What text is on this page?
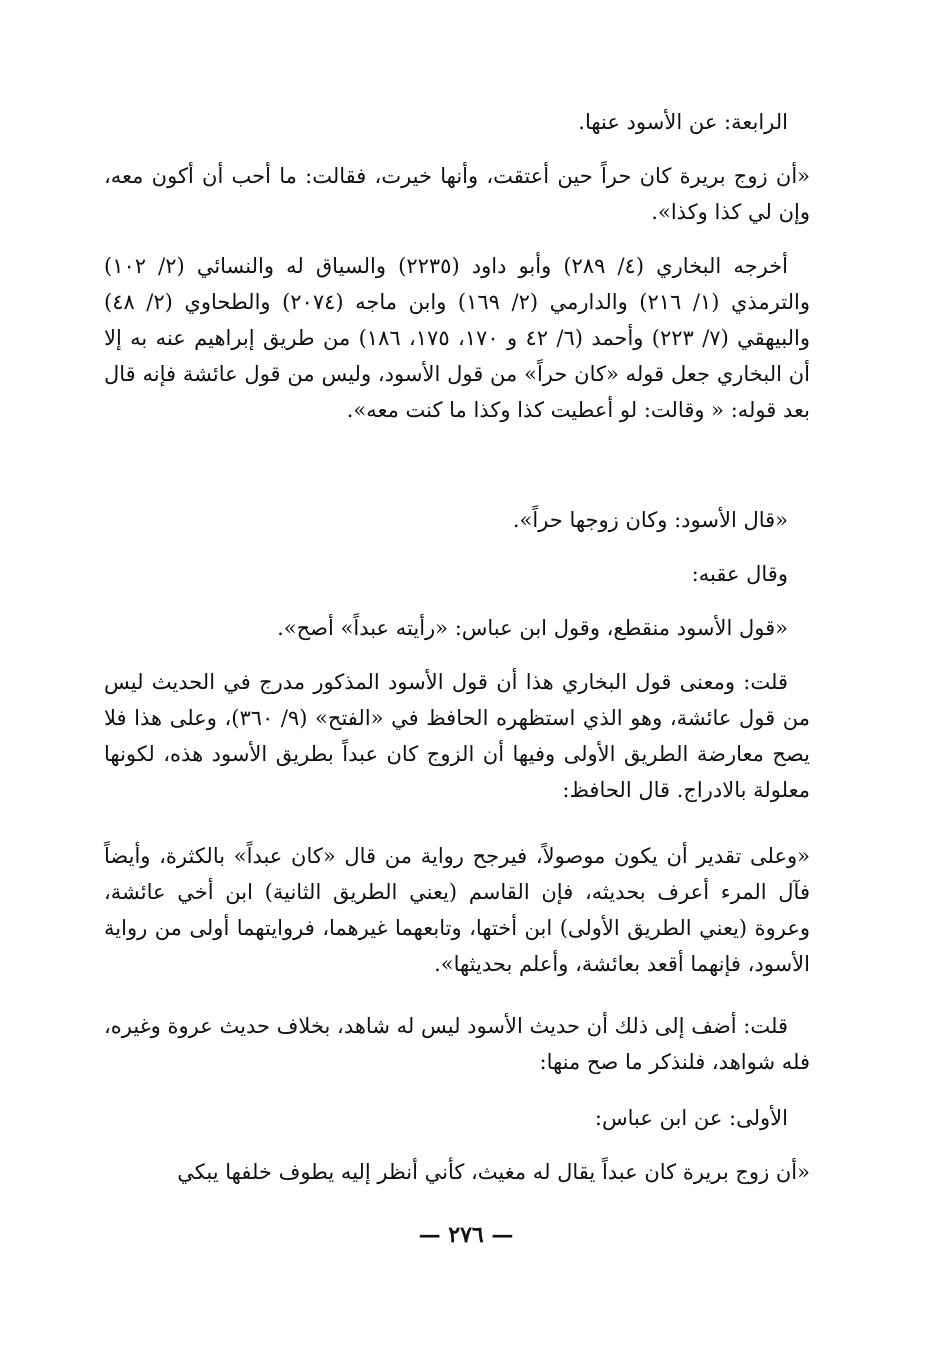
الرابعة: عن الأسود عنها.

«أن زوج بريرة كان حراً حين أعتقت، وأنها خيرت، فقالت: ما أحب أن أكون معه، وإن لي كذا وكذا».

أخرجه البخاري (٤/ ٢٨٩) وأبو داود (٢٢٣٥) والسياق له والنسائي (٢/ ١٠٢) والترمذي (١/ ٢١٦) والدارمي (٢/ ١٦٩) وابن ماجه (٢٠٧٤) والطحاوي (٢/ ٤٨) والبيهقي (٧/ ٢٢٣) وأحمد (٦/ ٤٢ و ١٧٠، ١٧٥، ١٨٦) من طريق إبراهيم عنه به إلا أن البخاري جعل قوله «كان حراً» من قول الأسود، وليس من قول عائشة فإنه قال بعد قوله: « وقالت: لو أعطيت كذا وكذا ما كنت معه».

«قال الأسود: وكان زوجها حراً».

وقال عقبه:

«قول الأسود منقطع، وقول ابن عباس: «رأيته عبداً» أصح».

قلت: ومعنى قول البخاري هذا أن قول الأسود المذكور مدرج في الحديث ليس من قول عائشة، وهو الذي استظهره الحافظ في «الفتح» (٩/ ٣٦٠)، وعلى هذا فلا يصح معارضة الطريق الأولى وفيها أن الزوج كان عبداً بطريق الأسود هذه، لكونها معلولة بالادراج. قال الحافظ:

«وعلى تقدير أن يكون موصولاً، فيرجح رواية من قال «كان عبداً» بالكثرة، وأيضاً فآل المرء أعرف بحديثه، فإن القاسم (يعني الطريق الثانية) ابن أخي عائشة، وعروة (يعني الطريق الأولى) ابن أختها، وتابعهما غيرهما، فروايتهما أولى من رواية الأسود، فإنهما أقعد بعائشة، وأعلم بحديثها».

قلت: أضف إلى ذلك أن حديث الأسود ليس له شاهد، بخلاف حديث عروة وغيره، فله شواهد، فلنذكر ما صح منها:

الأولى: عن ابن عباس:

«أن زوج بريرة كان عبداً يقال له مغيث، كأني أنظر إليه يطوف خلفها يبكي

— ٢٧٦ —
